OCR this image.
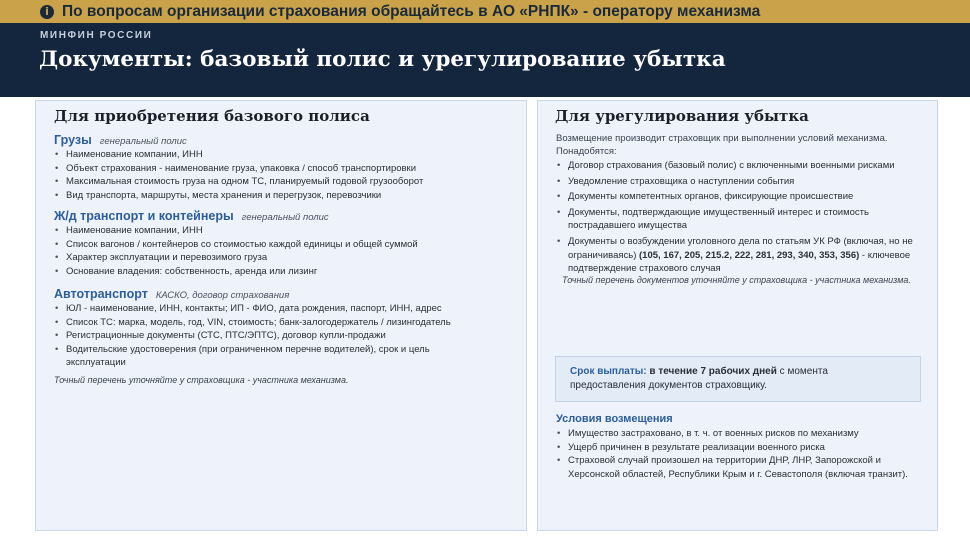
i По вопросам организации страхования обращайтесь в АО «РНПК» - оператору механизма
МИНФИН РОССИИ
Документы: базовый полис и урегулирование убытка
Для приобретения базового полиса
Грузы генеральный полис
• Наименование компании, ИНН
• Объект страхования - наименование груза, упаковка / способ транспортировки
• Максимальная стоимость груза на одном ТС, планируемый годовой грузооборот
• Вид транспорта, маршруты, места хранения и перегрузок, перевозчики
Ж/д транспорт и контейнеры генеральный полис
• Наименование компании, ИНН
• Список вагонов / контейнеров со стоимостью каждой единицы и общей суммой
• Характер эксплуатации и перевозимого груза
• Основание владения: собственность, аренда или лизинг
Автотранспорт КАСКО, договор страхования
• ЮЛ - наименование, ИНН, контакты; ИП - ФИО, дата рождения, паспорт, ИНН, адрес
• Список ТС: марка, модель, год, VIN, стоимость; банк-залогодержатель / лизингодатель
• Регистрационные документы (СТС, ПТС/ЭПТС), договор купли-продажи
• Водительские удостоверения (при ограниченном перечне водителей), срок и цель эксплуатации
Точный перечень уточняйте у страховщика - участника механизма.
Для урегулирования убытка
Возмещение производит страховщик при выполнении условий механизма. Понадобятся:
• Договор страхования (базовый полис) с включенными военными рисками
• Уведомление страховщика о наступлении события
• Документы компетентных органов, фиксирующие происшествие
• Документы, подтверждающие имущественный интерес и стоимость пострадавшего имущества
• Документы о возбуждении уголовного дела по статьям УК РФ (включая, но не ограничиваясь) (105, 167, 205, 215.2, 222, 281, 293, 340, 353, 356) - ключевое подтверждение страхового случая
Точный перечень документов уточняйте у страховщика - участника механизма.
Срок выплаты: в течение 7 рабочих дней с момента предоставления документов страховщику.
Условия возмещения
• Имущество застраховано, в т. ч. от военных рисков по механизму
• Ущерб причинен в результате реализации военного риска
• Страховой случай произошел на территории ДНР, ЛНР, Запорожской и Херсонской областей, Республики Крым и г. Севастополя (включая транзит).
